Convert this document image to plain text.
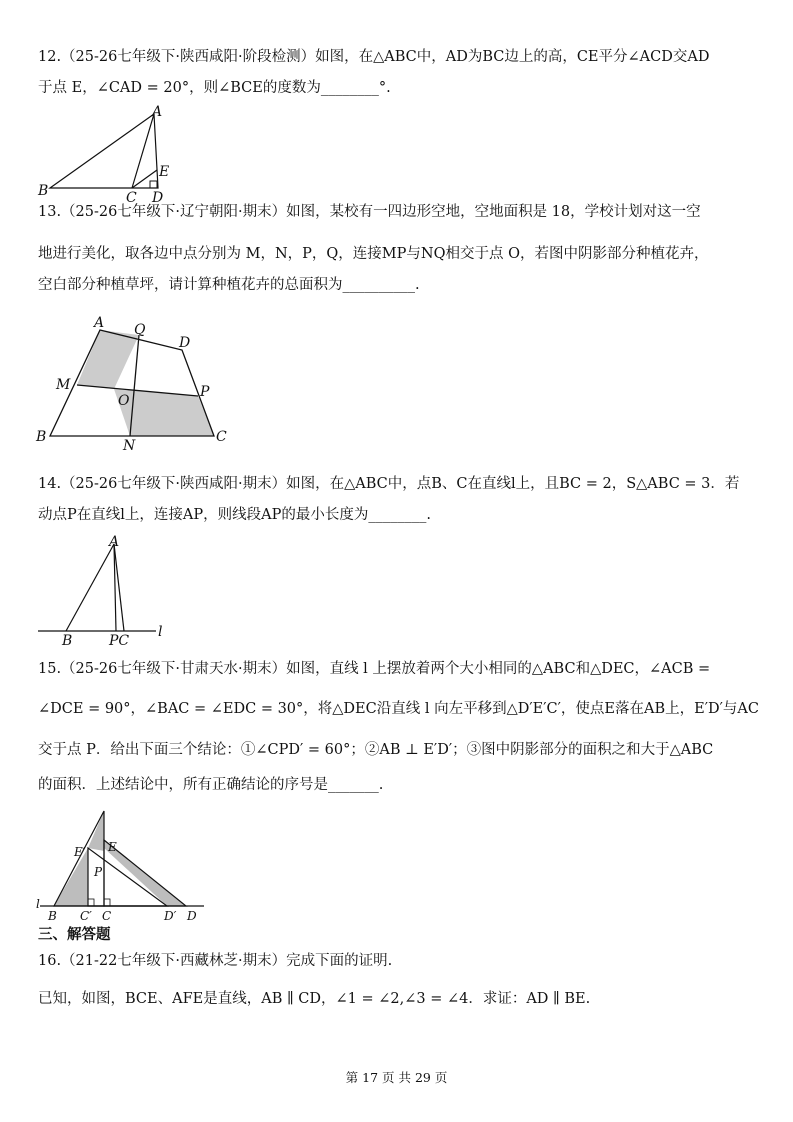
12.（25-26七年级下·陕西咸阳·阶段检测）如图，在△ABC中，AD为BC边上的高，CE平分∠ACD交AD
于点 E，∠CAD = 20°，则∠BCE的度数为________°.
A
B	C D
E
13.（25-26七年级下·辽宁朝阳·期末）如图，某校有一四边形空地，空地面积是 18，学校计划对这一空
地进行美化，取各边中点分别为 M，N，P，Q，连接MP与NQ相交于点 O，若图中阴影部分种植花卉，
空白部分种植草坪，请计算种植花卉的总面积为__________.
A Q
D
M	P
O
B
N
C
14.（25-26七年级下·陕西咸阳·期末）如图，在△ABC中，点B、C在直线l上，且BC = 2，S△ABC = 3．若
动点P在直线l上，连接AP，则线段AP的最小长度为________.
A
B	PC
l
15.（25-26七年级下·甘肃天水·期末）如图，直线 l 上摆放着两个大小相同的△ABC和△DEC，∠ACB =
∠DCE = 90°，∠BAC = ∠EDC = 30°，将△DEC沿直线 l 向左平移到△D′E′C′，使点E落在AB上，E′D′与AC
交于点 P．给出下面三个结论：①∠CPD′ = 60°；②AB ⊥ E′D′；③图中阴影部分的面积之和大于△ABC
的面积．上述结论中，所有正确结论的序号是_______.
E′ E
P
l
B C′ C	D′ D
三、解答题
16.（21-22七年级下·西藏林芝·期末）完成下面的证明.
已知，如图，BCE、AFE是直线，AB ∥ CD，∠1 = ∠2,∠3 = ∠4．求证：AD ∥ BE.
第 17 页 共 29 页
